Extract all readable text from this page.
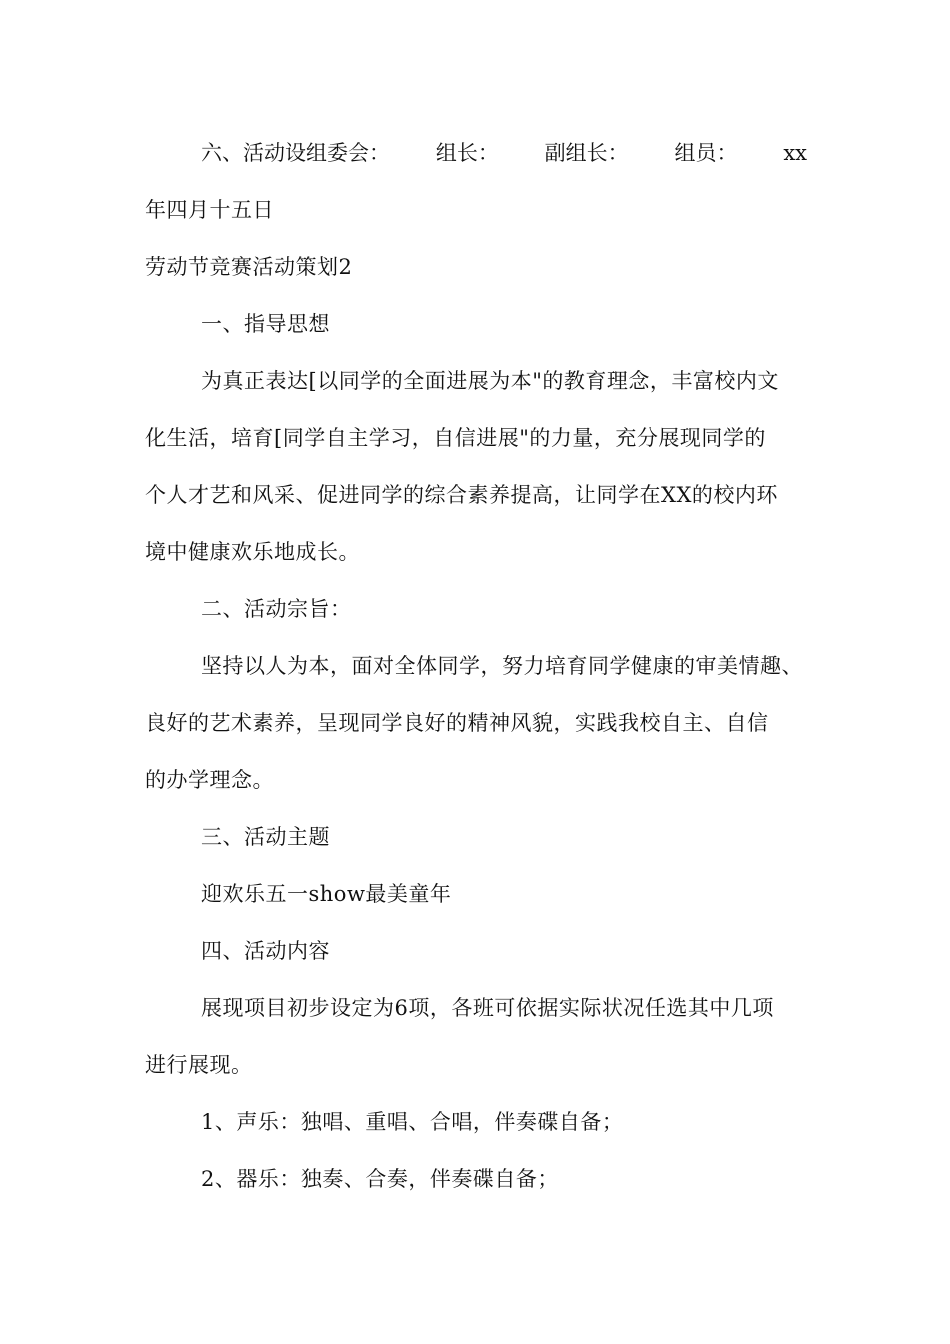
六、活动设组委会： 组长： 副组长： 组员： xx
年四月十五日
劳动节竞赛活动策划2
一、指导思想
为真正表达[以同学的全面进展为本"的教育理念，丰富校内文
化生活，培育[同学自主学习，自信进展"的力量，充分展现同学的
个人才艺和风采、促进同学的综合素养提高，让同学在XX的校内环
境中健康欢乐地成长。
二、活动宗旨：
坚持以人为本，面对全体同学，努力培育同学健康的审美情趣、
良好的艺术素养，呈现同学良好的精神风貌，实践我校自主、自信
的办学理念。
三、活动主题
迎欢乐五一show最美童年
四、活动内容
展现项目初步设定为6项，各班可依据实际状况任选其中几项
进行展现。
1、声乐：独唱、重唱、合唱，伴奏碟自备；
2、器乐：独奏、合奏，伴奏碟自备；
